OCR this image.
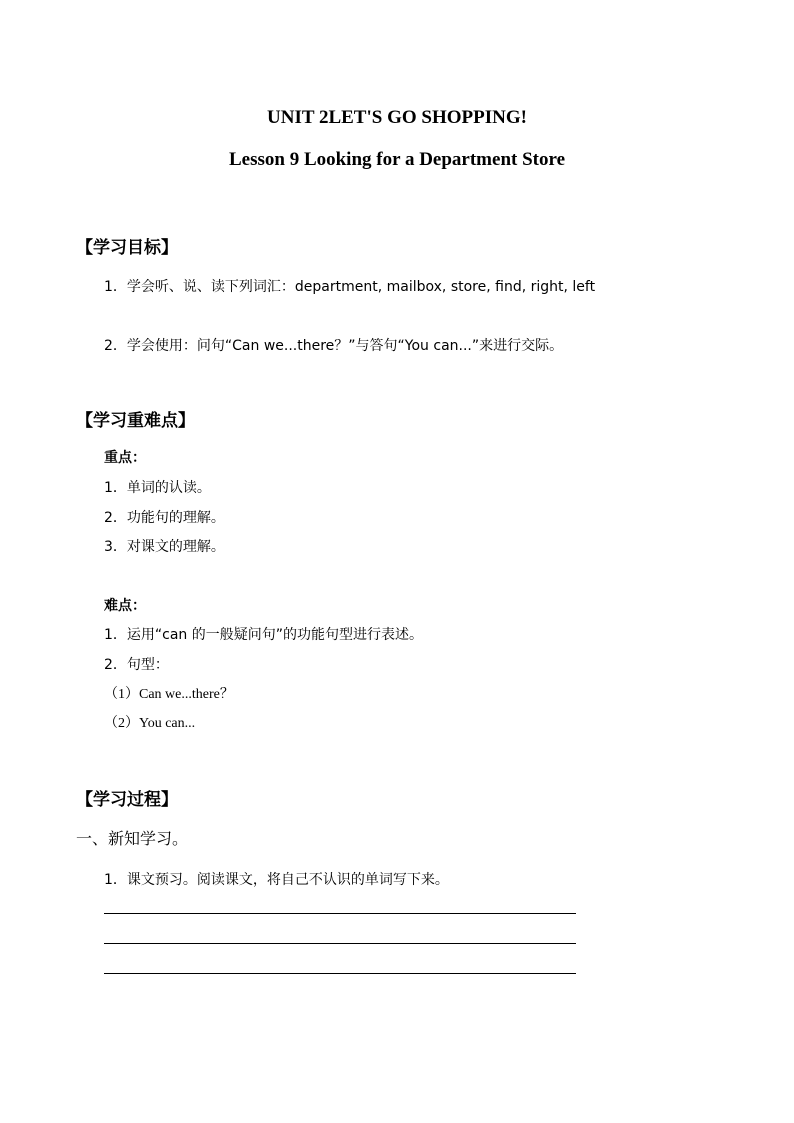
UNIT 2LET'S GO SHOPPING!
Lesson 9 Looking for a Department Store
【学习目标】
1．学会听、说、读下列词汇：department, mailbox, store, find, right, left
2．学会使用：问句“Can we...there？”与答句“You can...”来进行交际。
【学习重难点】
重点：
1．单词的认读。
2．功能句的理解。
3．对课文的理解。
难点：
1．运用“can 的一般疑问句”的功能句型进行表述。
2．句型：
（1）Can we...there？
（2）You can...
【学习过程】
一、新知学习。
1．课文预习。阅读课文，将自己不认识的单词写下来。
